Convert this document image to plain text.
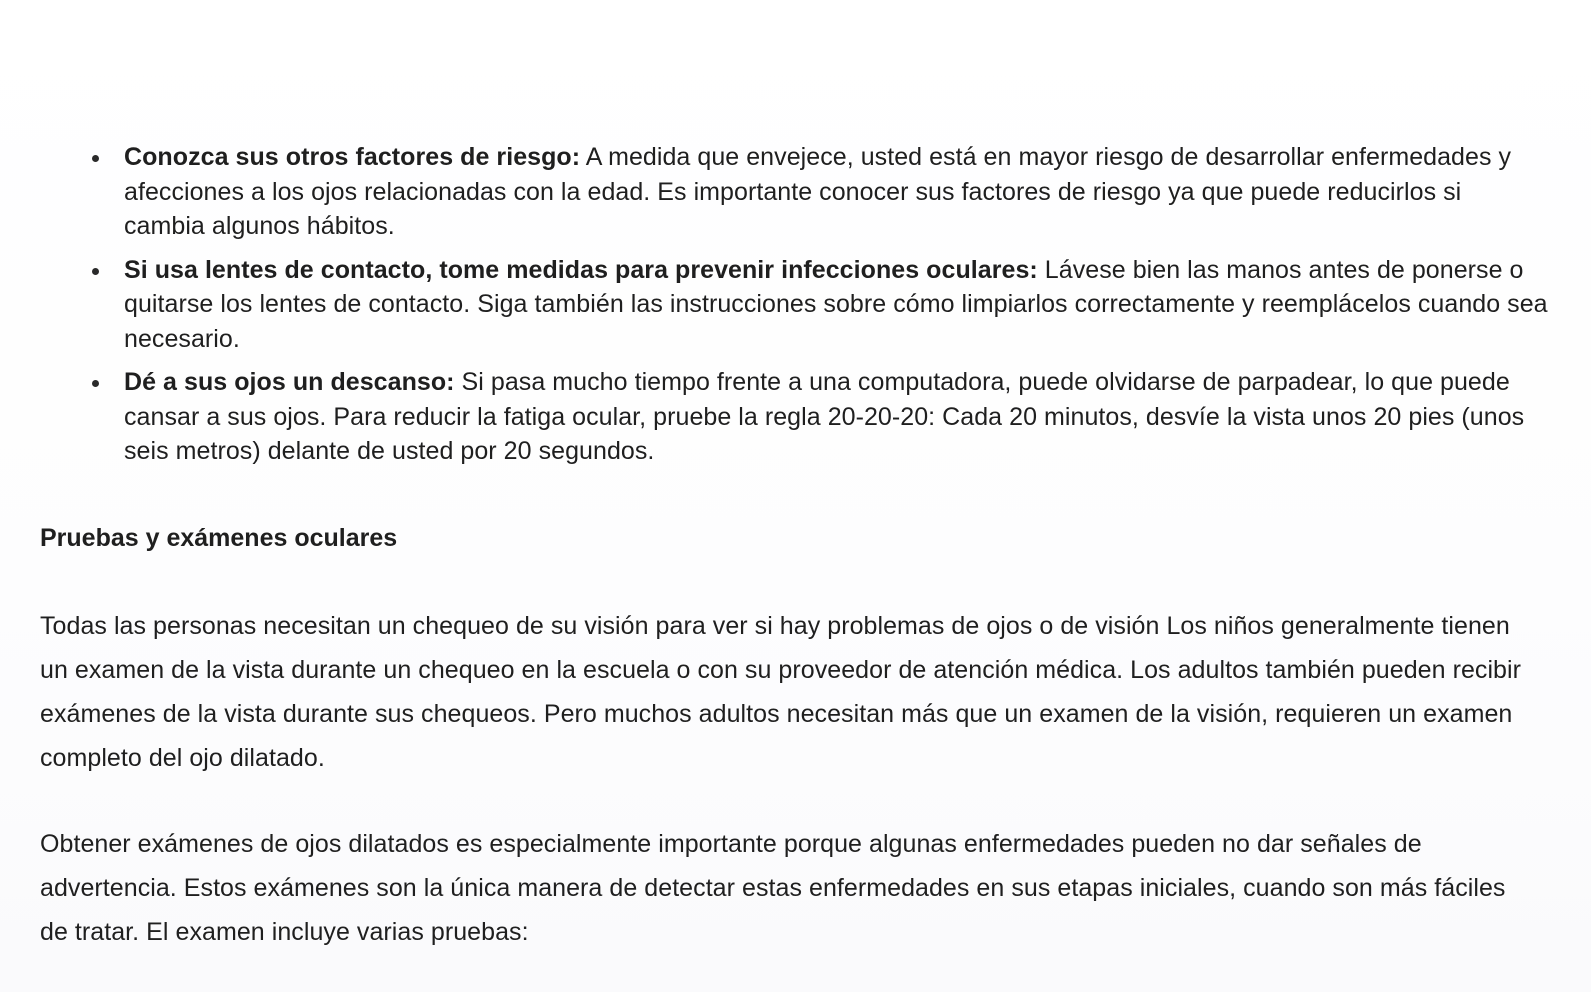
Conozca sus otros factores de riesgo: A medida que envejece, usted está en mayor riesgo de desarrollar enfermedades y afecciones a los ojos relacionadas con la edad. Es importante conocer sus factores de riesgo ya que puede reducirlos si cambia algunos hábitos.
Si usa lentes de contacto, tome medidas para prevenir infecciones oculares: Lávese bien las manos antes de ponerse o quitarse los lentes de contacto. Siga también las instrucciones sobre cómo limpiarlos correctamente y reemplácelos cuando sea necesario.
Dé a sus ojos un descanso: Si pasa mucho tiempo frente a una computadora, puede olvidarse de parpadear, lo que puede cansar a sus ojos. Para reducir la fatiga ocular, pruebe la regla 20-20-20: Cada 20 minutos, desvíe la vista unos 20 pies (unos seis metros) delante de usted por 20 segundos.
Pruebas y exámenes oculares

Todas las personas necesitan un chequeo de su visión para ver si hay problemas de ojos o de visión Los niños generalmente tienen un examen de la vista durante un chequeo en la escuela o con su proveedor de atención médica. Los adultos también pueden recibir exámenes de la vista durante sus chequeos. Pero muchos adultos necesitan más que un examen de la visión, requieren un examen completo del ojo dilatado.

Obtener exámenes de ojos dilatados es especialmente importante porque algunas enfermedades pueden no dar señales de advertencia. Estos exámenes son la única manera de detectar estas enfermedades en sus etapas iniciales, cuando son más fáciles de tratar. El examen incluye varias pruebas:
